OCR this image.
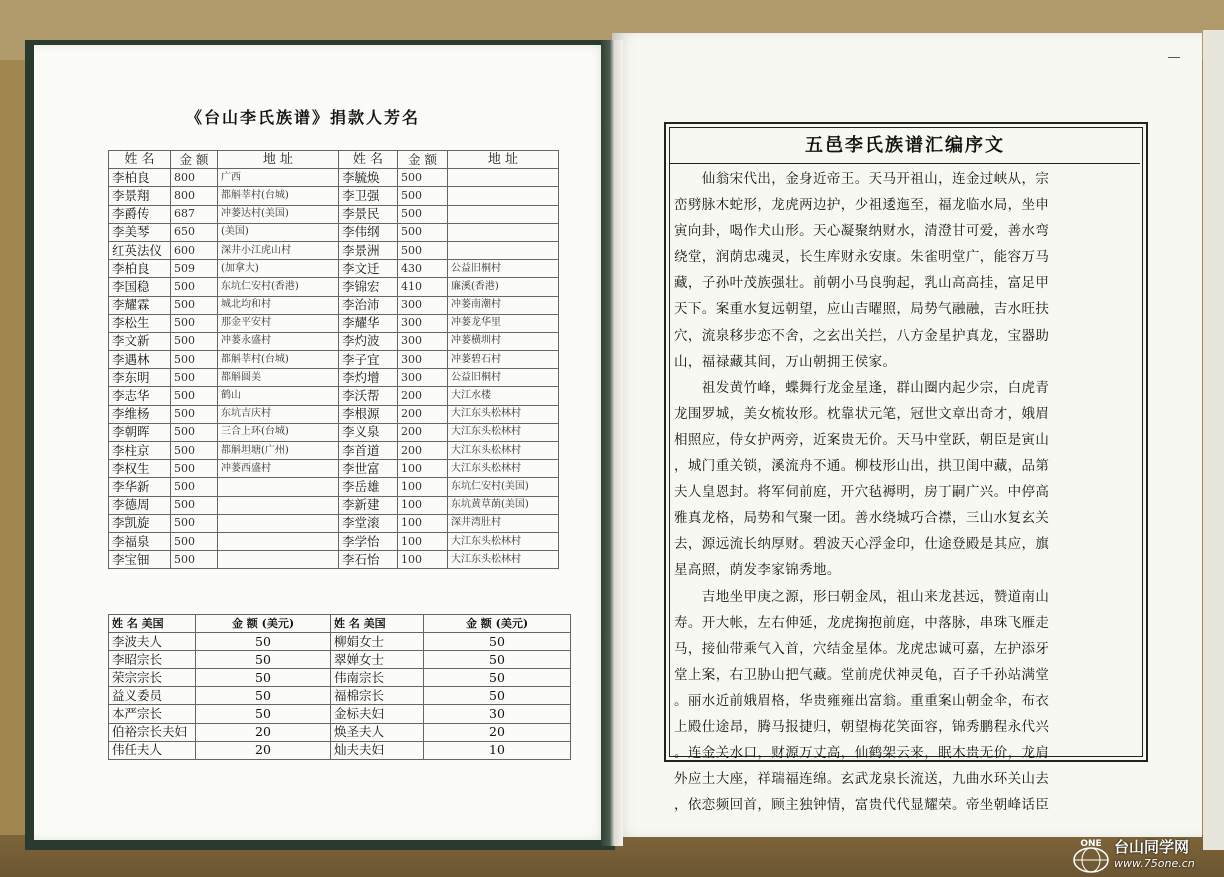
《台山李氏族谱》捐款人芳名
姓 名	金 额	地 址	姓 名	金 额	地 址
李柏良	800	广西	李毓焕	500	
李景翔	800	都斛莘村(台城)	李卫强	500	
李爵传	687	冲蒌达村(美国)	李景民	500	
李美琴	650	(美国)	李伟纲	500	
红英法仪	600	深井小江虎山村	李景洲	500	
李柏良	509	(加拿大)	李文迁	430	公益旧桐村
李国稳	500	东坑仁安村(香港)	李锦宏	410	廉溪(香港)
李耀霖	500	城北均和村	李治沛	300	冲蒌南潮村
李松生	500	那金平安村	李耀华	300	冲蒌龙华里
李文新	500	冲蒌永盛村	李灼波	300	冲蒌横圳村
李遇林	500	都斛莘村(台城)	李子宜	300	冲蒌碧石村
李东明	500	都斛圆美	李灼增	300	公益旧桐村
李志华	500	鹤山	李沃帮	200	大江水楼
李维杨	500	东坑吉庆村	李根源	200	大江东头松林村
李朝晖	500	三合上环(台城)	李义泉	200	大江东头松林村
李柱京	500	都斛坦塘(广州)	李首道	200	大江东头松林村
李权生	500	冲蒌西盛村	李世富	100	大江东头松林村
李华新	500		李岳雄	100	东坑仁安村(美国)
李德周	500		李新建	100	东坑黄草蓢(美国)
李凯旋	500		李堂滚	100	深井湾肚村
李福泉	500		李学怡	100	大江东头松林村
李宝钿	500		李石怡	100	大江东头松林村
姓 名 美国	金 额 (美元)	姓 名 美国	金 额 (美元)
李波夫人	50	柳娟女士	50
李昭宗长	50	翠婵女士	50
荣宗宗长	50	伟南宗长	50
益义委员	50	福棉宗长	50
本严宗长	50	金标夫妇	30
伯裕宗长夫妇	20	焕圣夫人	20
伟任夫人	20	灿夫夫妇	10
五邑李氏族谱汇编序文
　　仙翁宋代出，金身近帝王。天马开祖山，连金过峡从，宗
峦劈脉木蛇形，龙虎两边护，少祖逶迤至，福龙临水局，坐申
寅向卦，喝作犬山形。天心凝聚纳财水，清澄甘可爱，善水弯
绕堂，润荫忠魂灵，长生库财永安康。朱雀明堂广，能容万马
藏，子孙叶茂族强壮。前朝小马良驹起，乳山高高挂，富足甲
天下。案重水复远朝望，应山吉曜照，局势气融融，吉水旺扶
穴，流泉移步恋不舍，之玄出关拦，八方金星护真龙，宝器助
山，福禄藏其间，万山朝拥王侯家。
　　祖发黄竹峰，蝶舞行龙金星逢，群山圈内起少宗，白虎青
龙围罗城，美女梳妆形。枕靠状元笔，冠世文章出奇才，娥眉
相照应，侍女护两旁，近案贵无价。天马中堂跃，朝臣是寅山
，城门重关锁，溪流舟不通。柳枝形山出，拱卫闺中藏，品第
夫人皇恩封。将军伺前庭，开穴毡褥明，房丁嗣广兴。中停高
雅真龙格，局势和气聚一团。善水绕城巧合襟，三山水复玄关
去，源远流长纳厚财。碧波天心浮金印，仕途登殿是其应，旗
星高照，荫发李家锦秀地。
　　吉地坐甲庚之源，形曰朝金凤，祖山来龙甚远，赞道南山
寿。开大帐，左右伸延，龙虎掬抱前庭，中落脉，串珠飞雁走
马，接仙带乘气入首，穴结金星体。龙虎忠诚可嘉，左护添牙
堂上案，右卫胁山把气藏。堂前虎伏神灵龟，百子千孙站满堂
。丽水近前娥眉格，华贵雍雍出富翁。重重案山朝金伞，布衣
上殿仕途昂，腾马报捷归，朝望梅花笑面容，锦秀鹏程永代兴
。连金关水口，财源万丈高，仙鹤架云来，眠木贵无价，龙肩
外应土大座，祥瑞福连绵。玄武龙泉长流送，九曲水环关山去
，依恋频回首，顾主独钟情，富贵代代显耀荣。帝坐朝峰话臣
ONE 台山同学网
www.75one.cn
